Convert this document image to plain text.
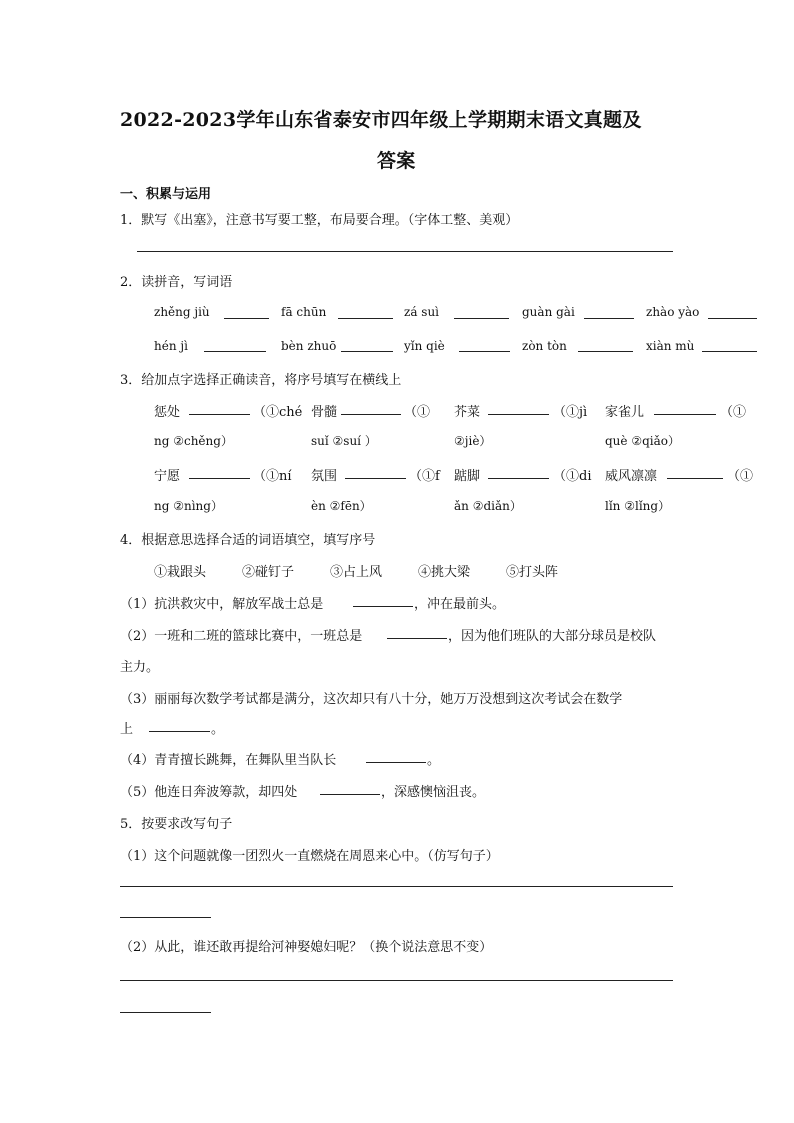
2022-2023学年山东省泰安市四年级上学期期末语文真题及
答案
一、积累与运用
1．默写《出塞》，注意书写要工整，布局要合理。（字体工整、美观）
2．读拼音，写词语
zhěng jiù	fā chūn	zá suì	guàn gài	zhào yào
hén jì	bèn zhuō	yǐn qiè	zòn tòn	xiàn mù
3．给加点字选择正确读音，将序号填写在横线上
惩处	（①ché 骨髓	（① 芥菜	（①jì 家雀儿	（①
ng ②chěng）	suǐ ②suí ）	②jiè）	què ②qiǎo）
宁愿	（①ní 氛围	（①f 踮脚	（①di 威风凛凛	（①
ng ②nìng）	èn ②fēn）	ǎn ②diǎn）	lǐn ②lǐng）
4．根据意思选择合适的词语填空，填写序号
①栽跟头	②碰钉子	③占上风	④挑大梁	⑤打头阵
（1）抗洪救灾中，解放军战士总是	，冲在最前头。
（2）一班和二班的篮球比赛中，一班总是	，因为他们班队的大部分球员是校队
主力。
（3）丽丽每次数学考试都是满分，这次却只有八十分，她万万没想到这次考试会在数学
上	。
（4）青青擅长跳舞，在舞队里当队长	。
（5）他连日奔波筹款，却四处	，深感懊恼沮丧。
5．按要求改写句子
（1）这个问题就像一团烈火一直燃烧在周恩来心中。（仿写句子）
（2）从此，谁还敢再提给河神娶媳妇呢？（换个说法意思不变）
